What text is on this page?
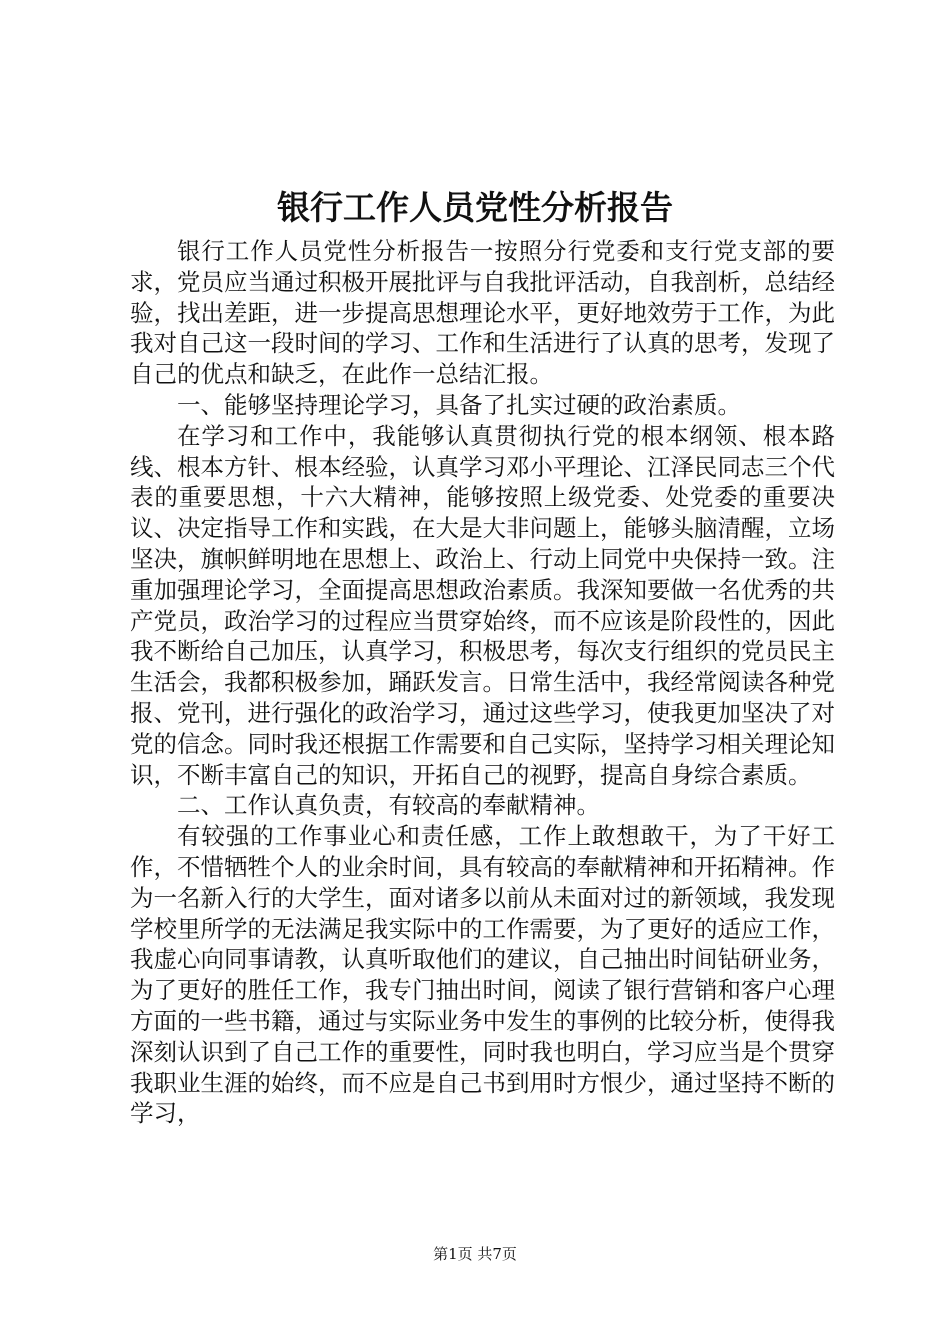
银行工作人员党性分析报告

银行工作人员党性分析报告一按照分行党委和支行党支部的要求，党员应当通过积极开展批评与自我批评活动，自我剖析，总结经验，找出差距，进一步提高思想理论水平，更好地效劳于工作，为此我对自己这一段时间的学习、工作和生活进行了认真的思考，发现了自己的优点和缺乏，在此作一总结汇报。

一、能够坚持理论学习，具备了扎实过硬的政治素质。

在学习和工作中，我能够认真贯彻执行党的根本纲领、根本路线、根本方针、根本经验，认真学习邓小平理论、江泽民同志三个代表的重要思想，十六大精神，能够按照上级党委、处党委的重要决议、决定指导工作和实践，在大是大非问题上，能够头脑清醒，立场坚决，旗帜鲜明地在思想上、政治上、行动上同党中央保持一致。注重加强理论学习，全面提高思想政治素质。我深知要做一名优秀的共产党员，政治学习的过程应当贯穿始终，而不应该是阶段性的，因此我不断给自己加压，认真学习，积极思考，每次支行组织的党员民主生活会，我都积极参加，踊跃发言。日常生活中，我经常阅读各种党报、党刊，进行强化的政治学习，通过这些学习，使我更加坚决了对党的信念。同时我还根据工作需要和自己实际，坚持学习相关理论知识，不断丰富自己的知识，开拓自己的视野，提高自身综合素质。

二、工作认真负责，有较高的奉献精神。

有较强的工作事业心和责任感，工作上敢想敢干，为了干好工作，不惜牺牲个人的业余时间，具有较高的奉献精神和开拓精神。作为一名新入行的大学生，面对诸多以前从未面对过的新领域，我发现学校里所学的无法满足我实际中的工作需要，为了更好的适应工作，我虚心向同事请教，认真听取他们的建议，自己抽出时间钻研业务，为了更好的胜任工作，我专门抽出时间，阅读了银行营销和客户心理方面的一些书籍，通过与实际业务中发生的事例的比较分析，使得我深刻认识到了自己工作的重要性，同时我也明白，学习应当是个贯穿我职业生涯的始终，而不应是自己书到用时方恨少，通过坚持不断的学习，

第1页 共7页
